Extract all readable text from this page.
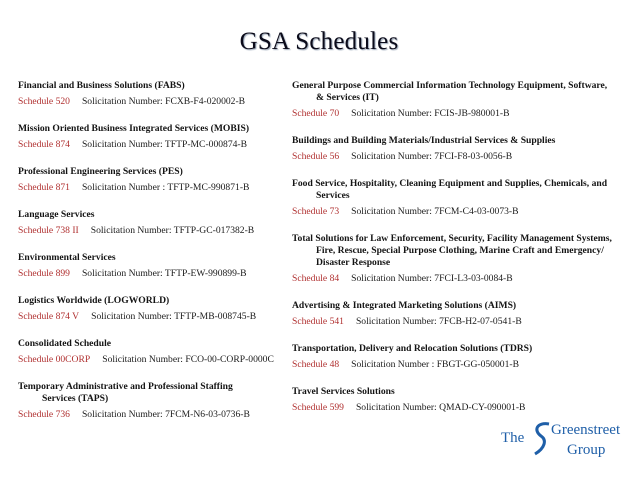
GSA Schedules
Financial and Business Solutions (FABS)
Schedule 520 Solicitation Number: FCXB-F4-020002-B
Mission Oriented Business Integrated Services (MOBIS)
Schedule 874 Solicitation Number: TFTP-MC-000874-B
Professional Engineering Services (PES)
Schedule 871 Solicitation Number : TFTP-MC-990871-B
Language Services
Schedule 738 II Solicitation Number: TFTP-GC-017382-B
Environmental Services
Schedule 899 Solicitation Number: TFTP-EW-990899-B
Logistics Worldwide (LOGWORLD)
Schedule 874 V Solicitation Number: TFTP-MB-008745-B
Consolidated Schedule
Schedule 00CORP Solicitation Number: FCO-00-CORP-0000C
Temporary Administrative and Professional Staffing
Services (TAPS)
Schedule 736 Solicitation Number: 7FCM-N6-03-0736-B
General Purpose Commercial Information Technology Equipment, Software,
& Services (IT)
Schedule 70 Solicitation Number: FCIS-JB-980001-B
Buildings and Building Materials/Industrial Services & Supplies
Schedule 56 Solicitation Number: 7FCI-F8-03-0056-B
Food Service, Hospitality, Cleaning Equipment and Supplies, Chemicals, and
Services
Schedule 73 Solicitation Number: 7FCM-C4-03-0073-B
Total Solutions for Law Enforcement, Security, Facility Management Systems,
Fire, Rescue, Special Purpose Clothing, Marine Craft and Emergency/ Disaster Response
Schedule 84 Solicitation Number: 7FCI-L3-03-0084-B
Advertising & Integrated Marketing Solutions (AIMS)
Schedule 541 Solicitation Number: 7FCB-H2-07-0541-B
Transportation, Delivery and Relocation Solutions (TDRS)
Schedule 48 Solicitation Number : FBGT-GG-050001-B
Travel Services Solutions
Schedule 599 Solicitation Number: QMAD-CY-090001-B
The Greenstreet
Group
